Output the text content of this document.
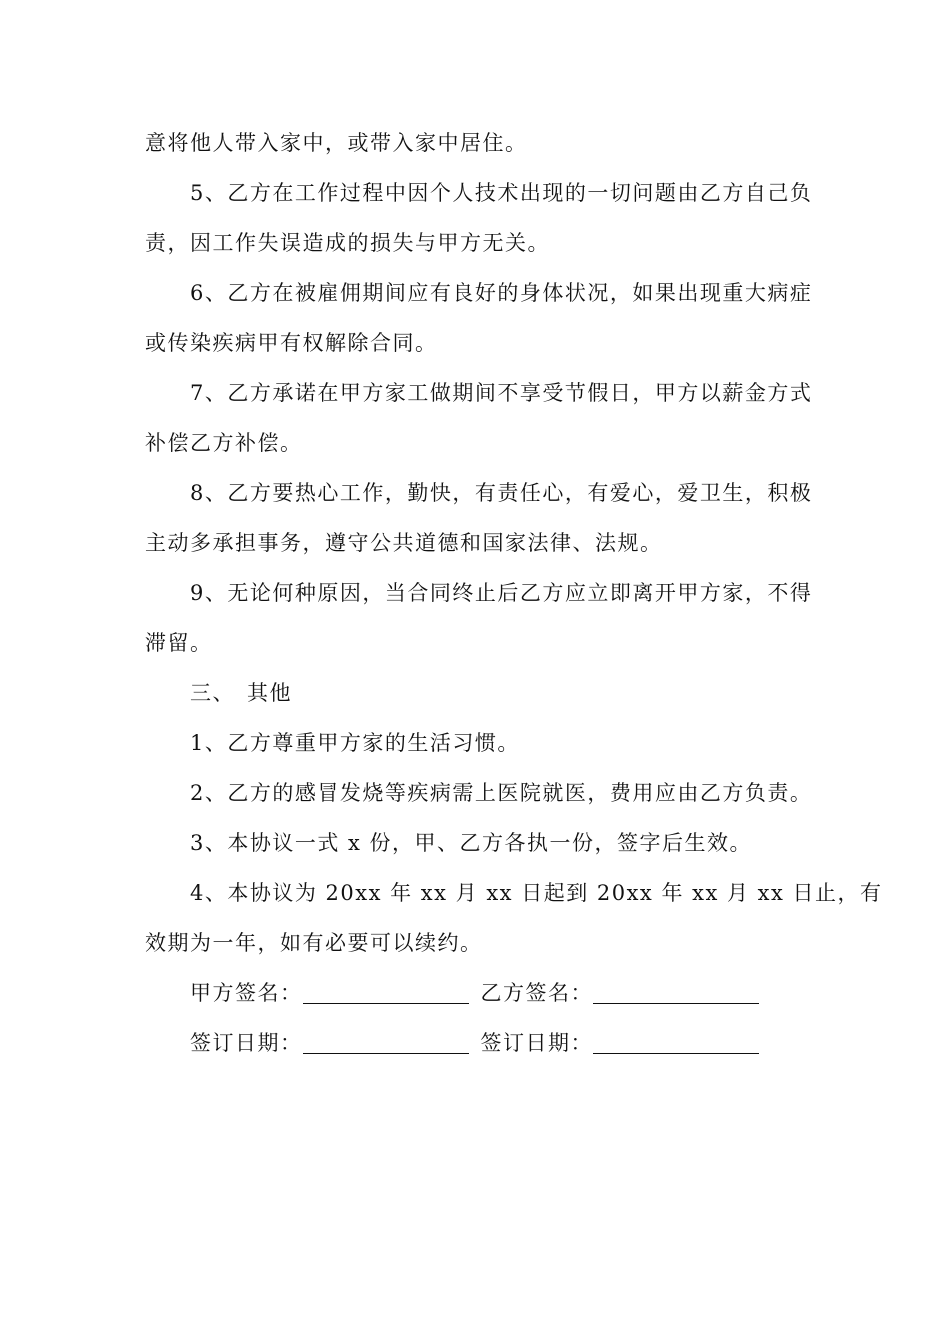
意将他人带入家中，或带入家中居住。
5、乙方在工作过程中因个人技术出现的一切问题由乙方自己负
责，因工作失误造成的损失与甲方无关。
6、乙方在被雇佣期间应有良好的身体状况，如果出现重大病症
或传染疾病甲有权解除合同。
7、乙方承诺在甲方家工做期间不享受节假日，甲方以薪金方式
补偿乙方补偿。
8、乙方要热心工作，勤快，有责任心，有爱心，爱卫生，积极
主动多承担事务，遵守公共道德和国家法律、法规。
9、无论何种原因，当合同终止后乙方应立即离开甲方家，不得
滞留。
三、　其他
1、乙方尊重甲方家的生活习惯。
2、乙方的感冒发烧等疾病需上医院就医，费用应由乙方负责。
3、本协议一式 x 份，甲、乙方各执一份，签字后生效。
4、本协议为 20xx 年 xx 月 xx 日起到 20xx 年 xx 月 xx 日止，有
效期为一年，如有必要可以续约。
甲方签名：	乙方签名：
签订日期：	签订日期：
